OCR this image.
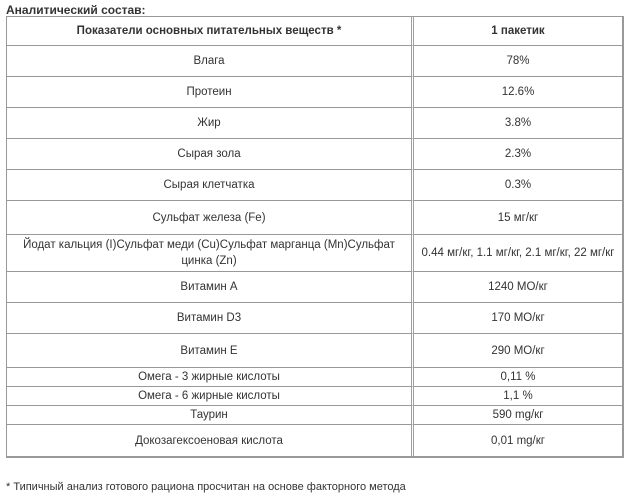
Аналитический состав:
Показатели основных питательных веществ *	1 пакетик
Влага	78%
Протеин	12.6%
Жир	3.8%
Сырая зола	2.3%
Сырая клетчатка	0.3%
Сульфат железа (Fe)	15 мг/кг
Йодат кальция (I)Сульфат меди (Cu)Сульфат марганца (Mn)Сульфат цинка (Zn)	0.44 мг/кг, 1.1 мг/кг, 2.1 мг/кг, 22 мг/кг
Витамин А	1240 МО/кг
Витамин D3	170 МО/кг
Витамин Е	290 МО/кг
Омега - 3 жирные кислоты	0,11 %
Омега - 6 жирные кислоты	1,1 %
Таурин	590 mg/кг
Докозагексоеновая кислота	0,01 mg/кг
* Типичный анализ готового рациона просчитан на основе факторного метода
